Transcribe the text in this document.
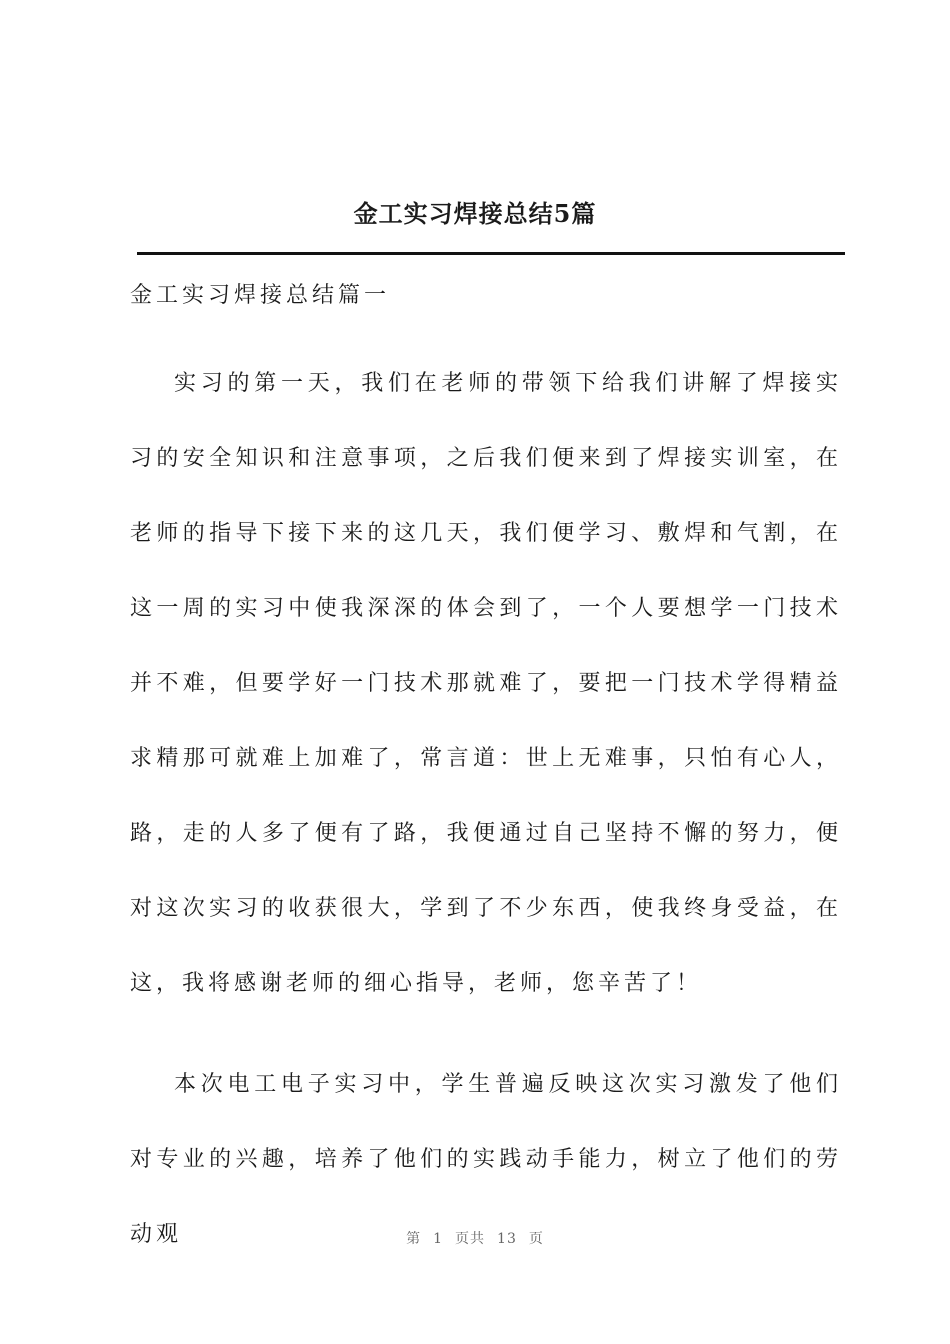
金工实习焊接总结5篇

金工实习焊接总结篇一

实习的第一天，我们在老师的带领下给我们讲解了焊接实习的安全知识和注意事项，之后我们便来到了焊接实训室，在老师的指导下接下来的这几天，我们便学习、敷焊和气割，在这一周的实习中使我深深的体会到了，一个人要想学一门技术并不难，但要学好一门技术那就难了，要把一门技术学得精益求精那可就难上加难了，常言道：世上无难事，只怕有心人，路，走的人多了便有了路，我便通过自己坚持不懈的努力，便对这次实习的收获很大，学到了不少东西，使我终身受益，在这，我将感谢老师的细心指导，老师，您辛苦了！

本次电工电子实习中，学生普遍反映这次实习激发了他们对专业的兴趣，培养了他们的实践动手能力，树立了他们的劳动观	第 1 页共 13 页
